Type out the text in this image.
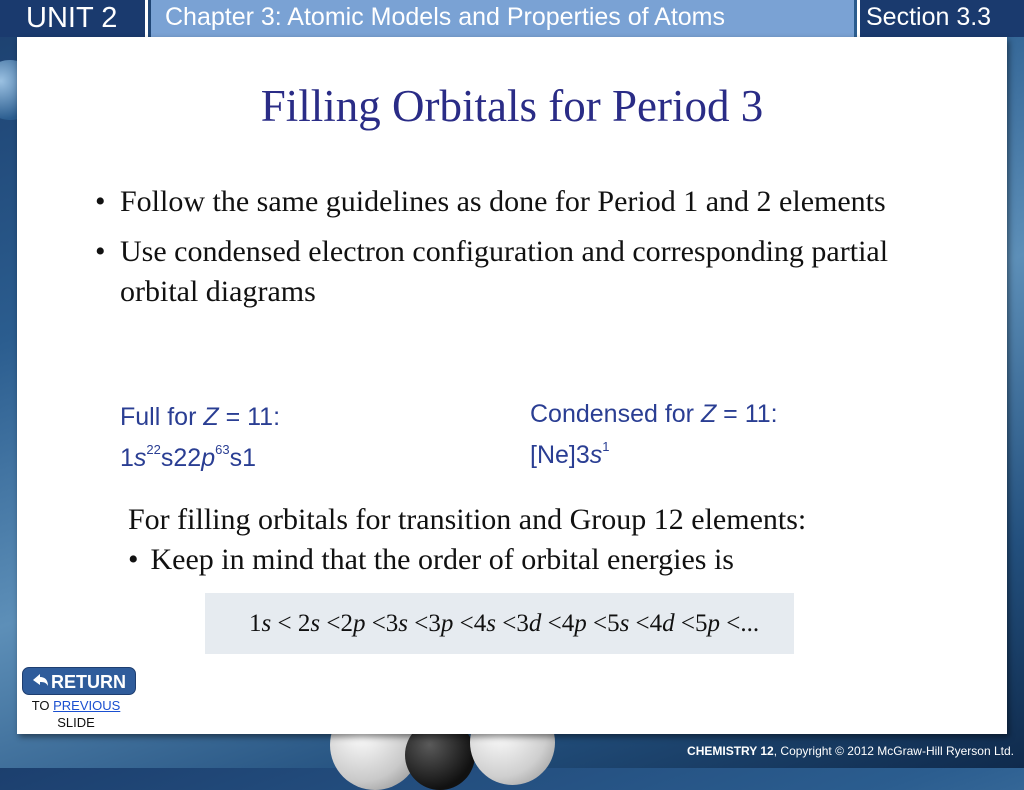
UNIT 2	Chapter 3: Atomic Models and Properties of Atoms	Section 3.3
Filling Orbitals for Period 3
• Follow the same guidelines as done for Period 1 and 2 elements
• Use condensed electron configuration and corresponding partial orbital diagrams
Full for Z = 11:
$1s^{22}s22p^{63}s1$
Condensed for Z = 11:
$[Ne]3s^1$
For filling orbitals for transition and Group 12 elements:
• Keep in mind that the order of orbital energies is
1s < 2s <2p <3s <3p <4s <3d <4p <5s <4d <5p <...
RETURN
TO PREVIOUS
SLIDE
CHEMISTRY 12, Copyright © 2012 McGraw-Hill Ryerson Ltd.
